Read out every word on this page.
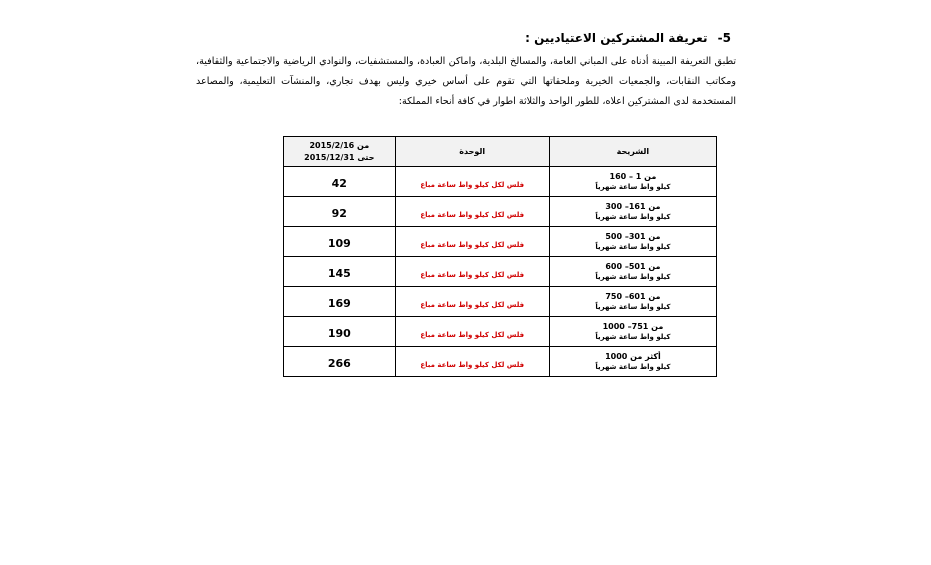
5- تعريفة المشتركين الاعتياديين :
تطبق التعريفة المبينة أدناه على المباني العامة، والمسالخ البلدية، واماكن العبادة، والمستشفيات، والنوادي الرياضية والاجتماعية والثقافية، ومكاتب النقابات، والجمعيات الخيرية وملحقاتها التي تقوم على أساس خيري وليس بهدف تجاري، والمنشآت التعليمية، والمصاعد المستخدمة لدى المشتركين اعلاه، للطور الواحد والثلاثة اطوار في كافة أنحاء المملكة:
الشريحة	الوحدة	من 2015/2/16
حتى 2015/12/31

من 1 – 160
كيلو واط ساعة شهرياً	فلس لكل كيلو واط ساعة مباع	42

من 161– 300
كيلو واط ساعة شهرياً	فلس لكل كيلو واط ساعة مباع	92

من 301– 500
كيلو واط ساعة شهرياً	فلس لكل كيلو واط ساعة مباع	109

من 501– 600
كيلو واط ساعة شهرياً	فلس لكل كيلو واط ساعة مباع	145

من 601– 750
كيلو واط ساعة شهرياً	فلس لكل كيلو واط ساعة مباع	169

من 751– 1000
كيلو واط ساعة شهرياً	فلس لكل كيلو واط ساعة مباع	190

أكثر من 1000
كيلو واط ساعة شهرياً	فلس لكل كيلو واط ساعة مباع	266
